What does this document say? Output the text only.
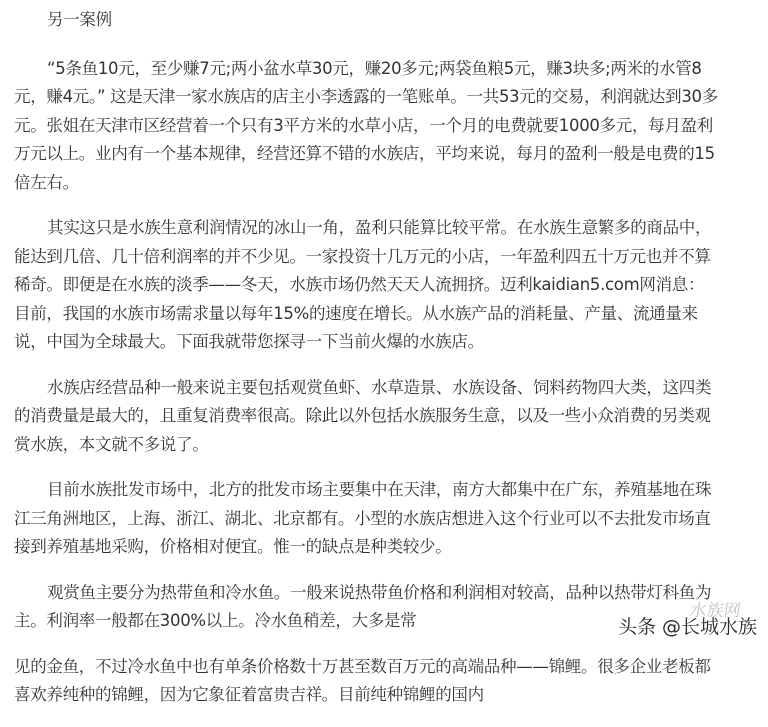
另一案例

“5条鱼10元，至少赚7元;两小盆水草30元，赚20多元;两袋鱼粮5元，赚3块多;两米的水管8元，赚4元。” 这是天津一家水族店的店主小李透露的一笔账单。一共53元的交易，利润就达到30多元。张姐在天津市区经营着一个只有3平方米的水草小店，一个月的电费就要1000多元，每月盈利万元以上。业内有一个基本规律，经营还算不错的水族店，平均来说，每月的盈利一般是电费的15倍左右。

其实这只是水族生意利润情况的冰山一角，盈利只能算比较平常。在水族生意繁多的商品中，能达到几倍、几十倍利润率的并不少见。一家投资十几万元的小店，一年盈利四五十万元也并不算稀奇。即便是在水族的淡季——冬天，水族市场仍然天天人流拥挤。迈利kaidian5.com网消息：目前，我国的水族市场需求量以每年15%的速度在增长。从水族产品的消耗量、产量、流通量来说，中国为全球最大。下面我就带您探寻一下当前火爆的水族店。

水族店经营品种一般来说主要包括观赏鱼虾、水草造景、水族设备、饲料药物四大类，这四类的消费量是最大的，且重复消费率很高。除此以外包括水族服务生意，以及一些小众消费的另类观赏水族，本文就不多说了。

目前水族批发市场中，北方的批发市场主要集中在天津，南方大都集中在广东，养殖基地在珠江三角洲地区，上海、浙江、湖北、北京都有。小型的水族店想进入这个行业可以不去批发市场直接到养殖基地采购，价格相对便宜。惟一的缺点是种类较少。

观赏鱼主要分为热带鱼和冷水鱼。一般来说热带鱼价格和利润相对较高，品种以热带灯科鱼为主。利润率一般都在300%以上。冷水鱼稍差，大多是常

见的金鱼，不过冷水鱼中也有单条价格数十万甚至数百万元的高端品种——锦鲤。很多企业老板都喜欢养纯种的锦鲤，因为它象征着富贵吉祥。目前纯种锦鲤的国内

水族网
头条 @长城水族
